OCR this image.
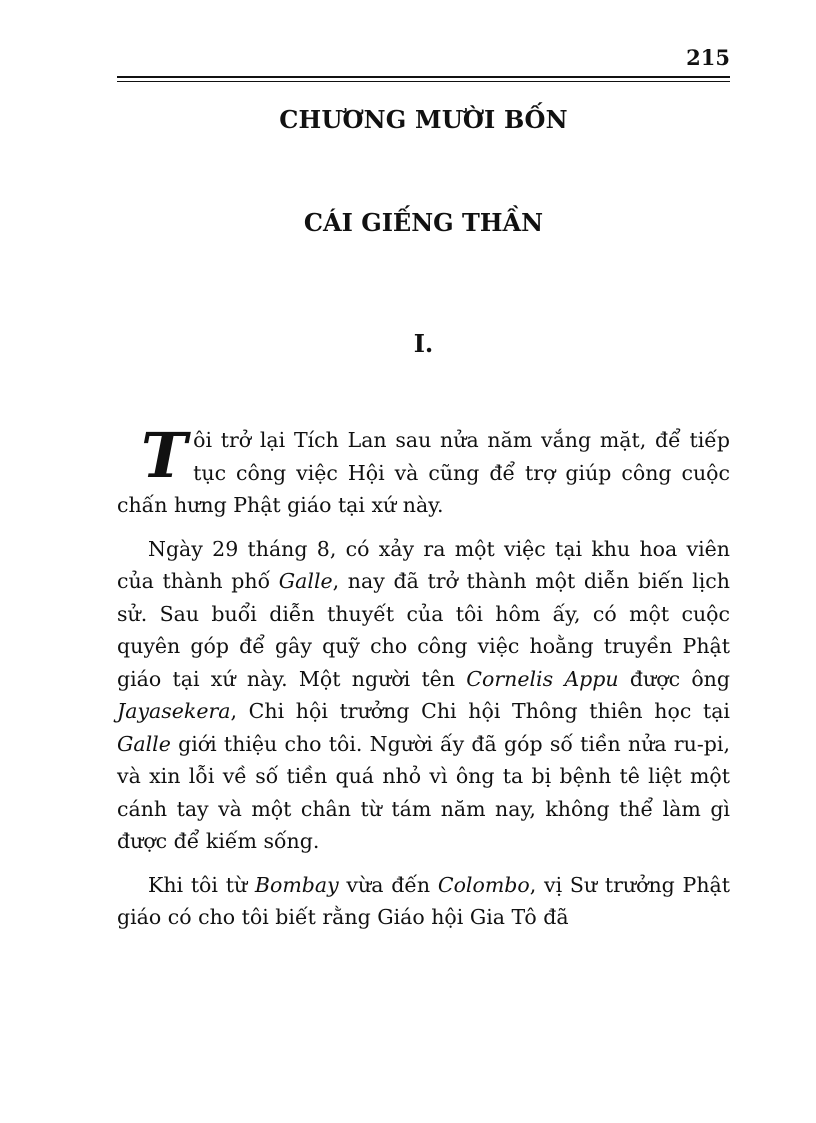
215
CHƯƠNG MƯỜI BỐN
CÁI GIẾNG THẦN
I.

Tôi trở lại Tích Lan sau nửa năm vắng mặt, để tiếp tục công việc Hội và cũng để trợ giúp công cuộc chấn hưng Phật giáo tại xứ này.

Ngày 29 tháng 8, có xảy ra một việc tại khu hoa viên của thành phố Galle, nay đã trở thành một diễn biến lịch sử. Sau buổi diễn thuyết của tôi hôm ấy, có một cuộc quyên góp để gây quỹ cho công việc hoằng truyền Phật giáo tại xứ này. Một người tên Cornelis Appu được ông Jayasekera, Chi hội trưởng Chi hội Thông thiên học tại Galle giới thiệu cho tôi. Người ấy đã góp số tiền nửa ru-pi, và xin lỗi về số tiền quá nhỏ vì ông ta bị bệnh tê liệt một cánh tay và một chân từ tám năm nay, không thể làm gì được để kiếm sống.

Khi tôi từ Bombay vừa đến Colombo, vị Sư trưởng Phật giáo có cho tôi biết rằng Giáo hội Gia Tô đã
